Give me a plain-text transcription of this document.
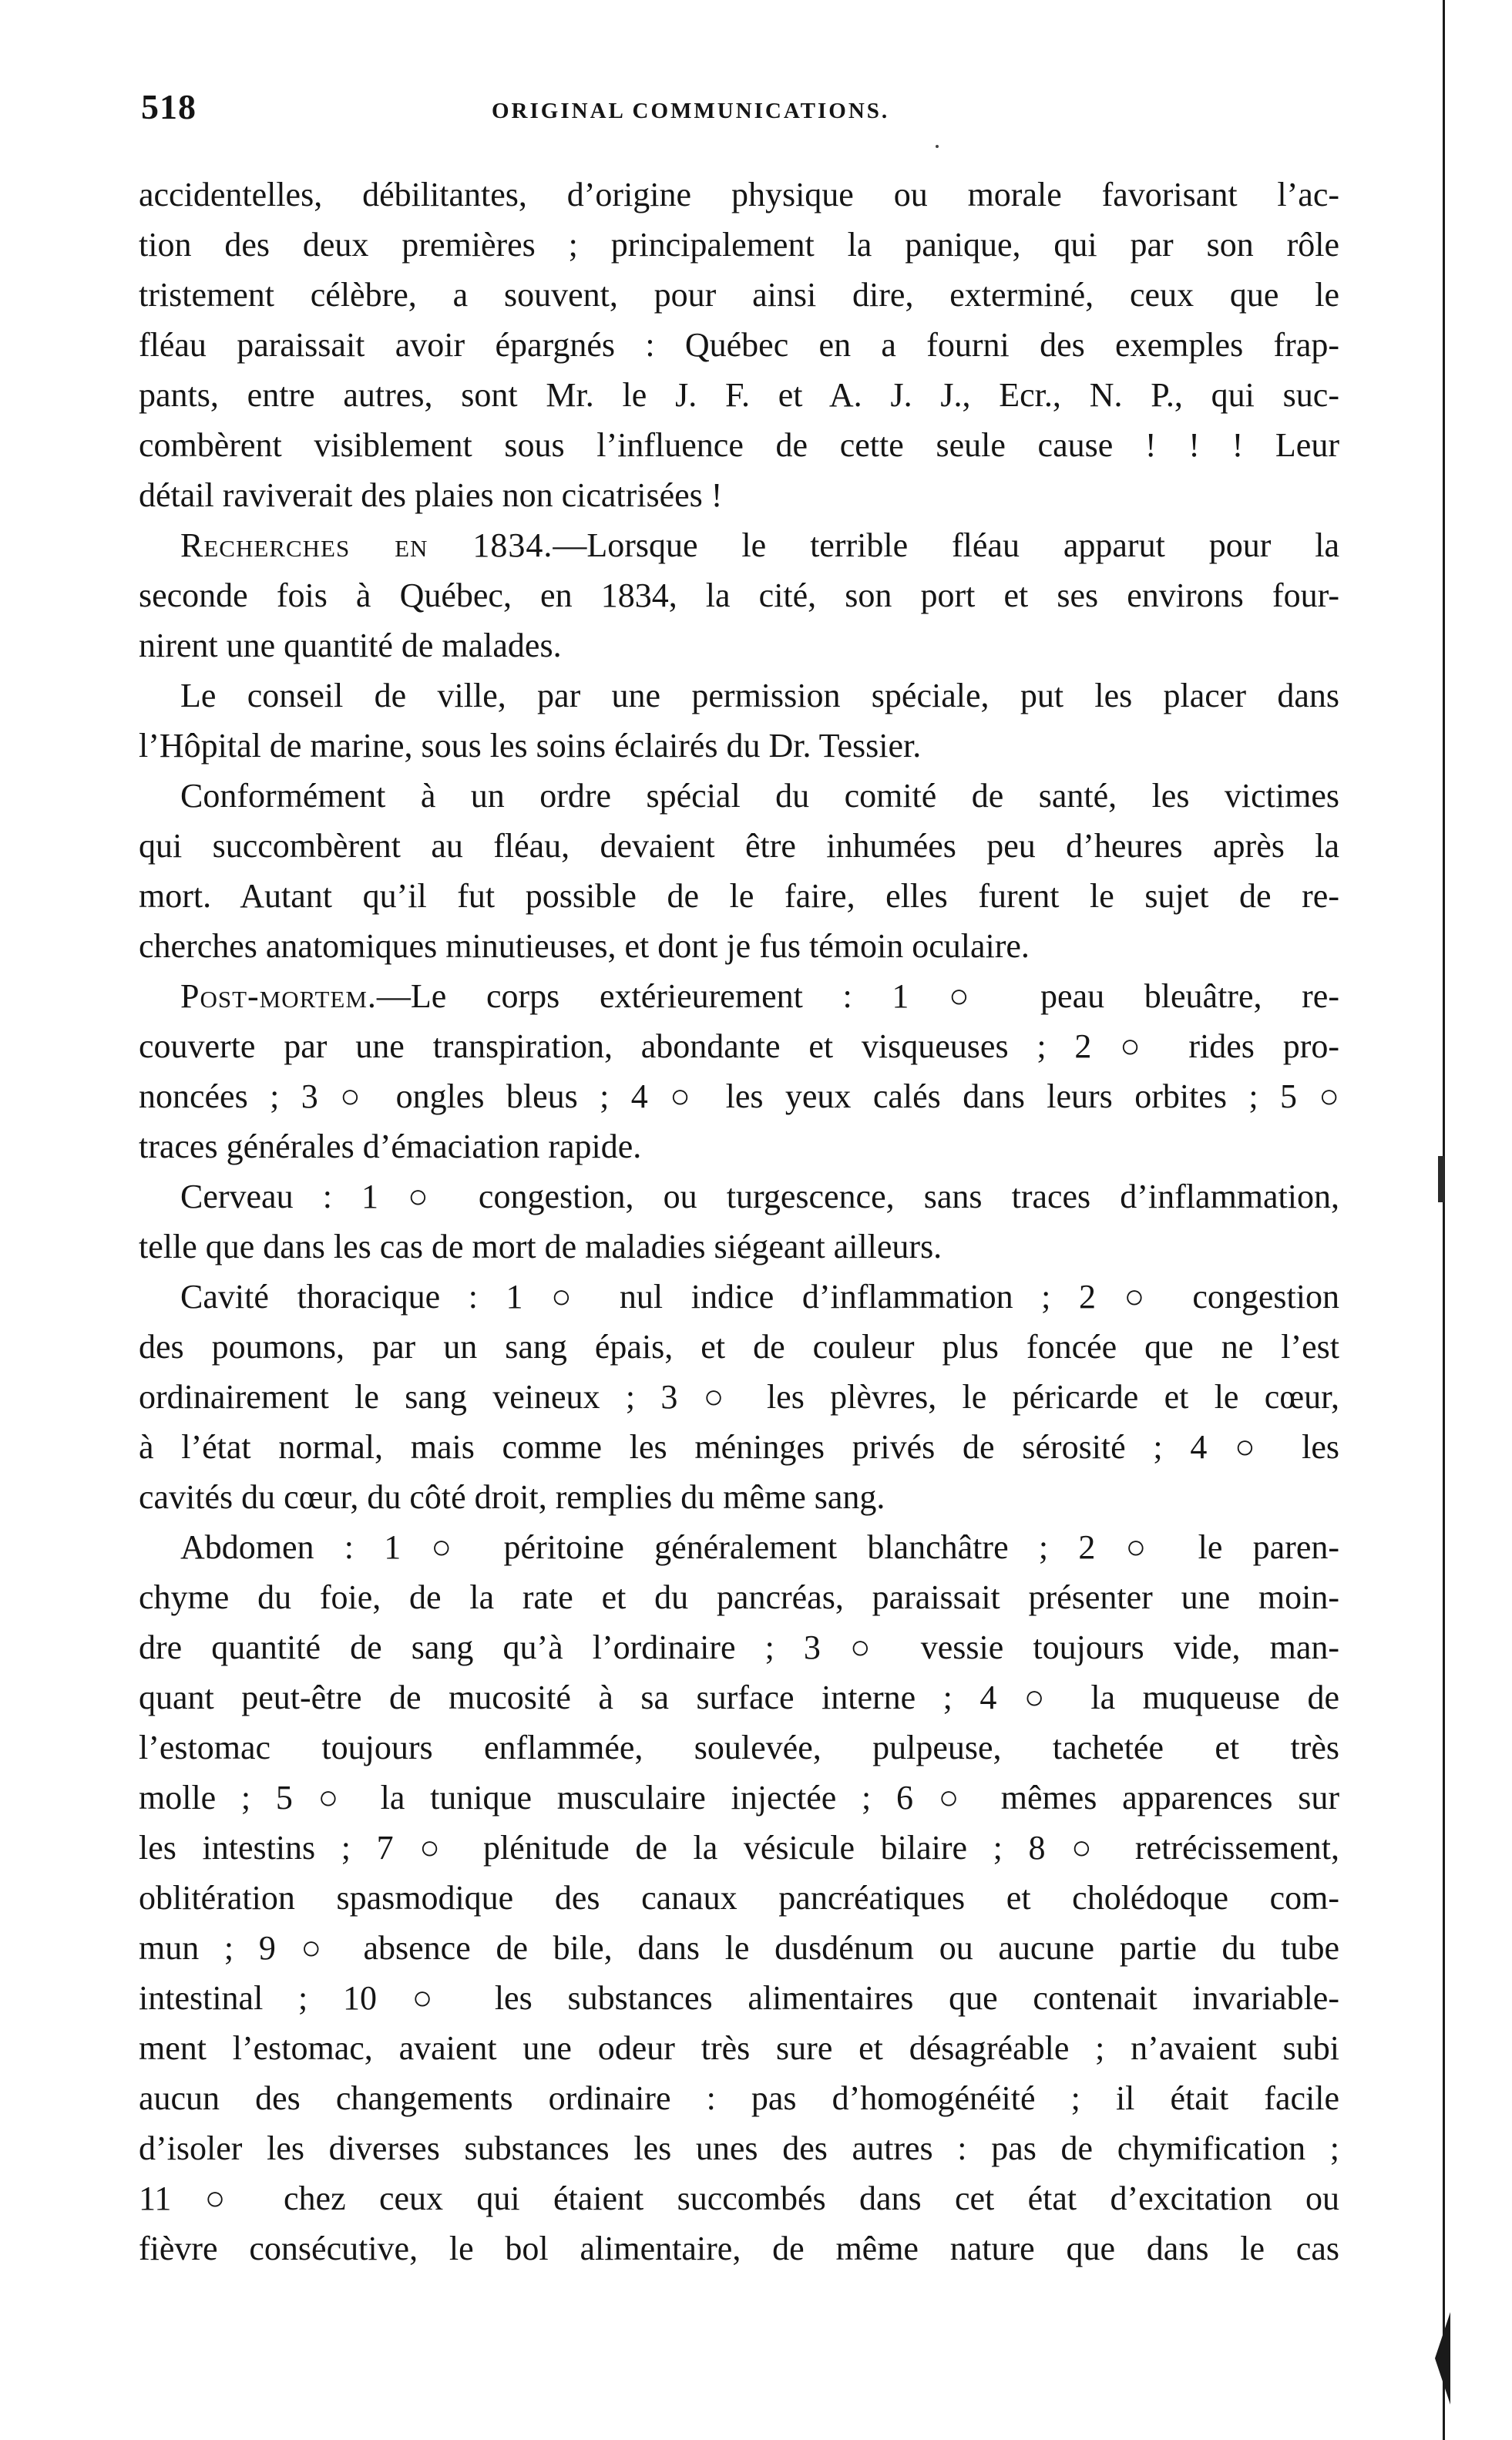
518	ORIGINAL COMMUNICATIONS.
accidentelles, débilitantes, d’origine physique ou morale favorisant l’ac-
tion des deux premières ; principalement la panique, qui par son rôle
tristement célèbre, a souvent, pour ainsi dire, exterminé, ceux que le
fléau paraissait avoir épargnés : Québec en a fourni des exemples frap-
pants, entre autres, sont Mr. le J. F. et A. J. J., Ecr., N. P., qui suc-
combèrent visiblement sous l’influence de cette seule cause ! ! ! Leur
détail raviverait des plaies non cicatrisées !
Recherches en 1834.—Lorsque le terrible fléau apparut pour la
seconde fois à Québec, en 1834, la cité, son port et ses environs four-
nirent une quantité de malades.
Le conseil de ville, par une permission spéciale, put les placer dans
l’Hôpital de marine, sous les soins éclairés du Dr. Tessier.
Conformément à un ordre spécial du comité de santé, les victimes
qui succombèrent au fléau, devaient être inhumées peu d’heures après la
mort. Autant qu’il fut possible de le faire, elles furent le sujet de re-
cherches anatomiques minutieuses, et dont je fus témoin oculaire.
Post-mortem.—Le corps extérieurement : 1 ○ peau bleuâtre, re-
couverte par une transpiration, abondante et visqueuses ; 2 ○ rides pro-
noncées ; 3 ○ ongles bleus ; 4 ○ les yeux calés dans leurs orbites ; 5 ○
traces générales d’émaciation rapide.
Cerveau : 1 ○ congestion, ou turgescence, sans traces d’inflammation,
telle que dans les cas de mort de maladies siégeant ailleurs.
Cavité thoracique : 1 ○ nul indice d’inflammation ; 2 ○ congestion
des poumons, par un sang épais, et de couleur plus foncée que ne l’est
ordinairement le sang veineux ; 3 ○ les plèvres, le péricarde et le cœur,
à l’état normal, mais comme les méninges privés de sérosité ; 4 ○ les
cavités du cœur, du côté droit, remplies du même sang.
Abdomen : 1 ○ péritoine généralement blanchâtre ; 2 ○ le paren-
chyme du foie, de la rate et du pancréas, paraissait présenter une moin-
dre quantité de sang qu’à l’ordinaire ; 3 ○ vessie toujours vide, man-
quant peut-être de mucosité à sa surface interne ; 4 ○ la muqueuse de
l’estomac toujours enflammée, soulevée, pulpeuse, tachetée et très
molle ; 5 ○ la tunique musculaire injectée ; 6 ○ mêmes apparences sur
les intestins ; 7 ○ plénitude de la vésicule bilaire ; 8 ○ retrécissement,
oblitération spasmodique des canaux pancréatiques et cholédoque com-
mun ; 9 ○ absence de bile, dans le dusdénum ou aucune partie du tube
intestinal ; 10 ○ les substances alimentaires que contenait invariable-
ment l’estomac, avaient une odeur très sure et désagréable ; n’avaient subi
aucun des changements ordinaire : pas d’homogénéité ; il était facile
d’isoler les diverses substances les unes des autres : pas de chymification ;
11 ○ chez ceux qui étaient succombés dans cet état d’excitation ou
fièvre consécutive, le bol alimentaire, de même nature que dans le cas
